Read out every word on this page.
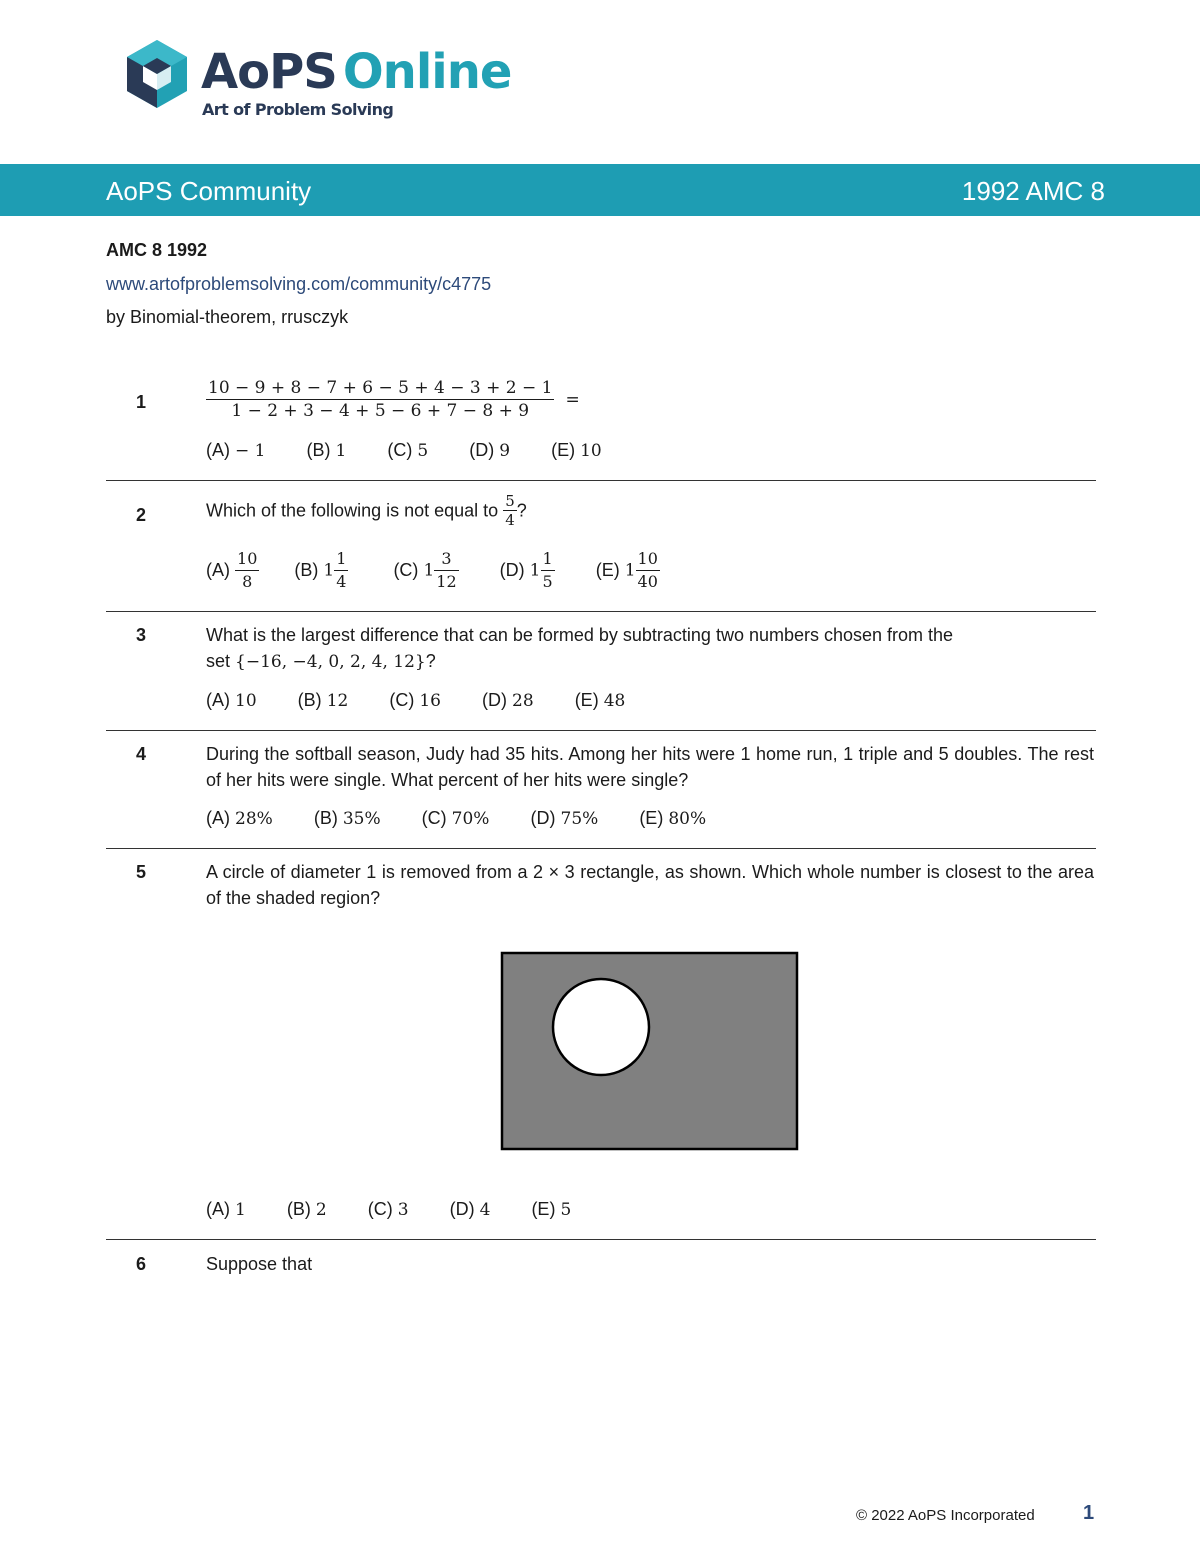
AoPS Online
Art of Problem Solving
AoPS Community	1992 AMC 8
AMC 8 1992
www.artofproblemsolving.com/community/c4775
by Binomial-theorem, rrusczyk
1	$\frac{10 - 9 + 8 - 7 + 6 - 5 + 4 - 3 + 2 - 1}{1 - 2 + 3 - 4 + 5 - 6 + 7 - 8 + 9}$ =
(A) − 1 (B) 1 (C) 5 (D) 9 (E) 10
2	Which of the following is not equal to $\frac{5}{4}$ ?
$(A) \frac{10}{8} (B)$ $1 \frac{1}{4}$	(C) $1 \frac{3}{12} (D)$ $1 \frac{1}{5} (E)$ $1 \frac{10}{40}$
3	What is the largest difference that can be formed by subtracting two numbers chosen from the
set {−16, −4, 0, 2, 4, 12}?
(A) 10 (B) 12 (C) 16 (D) 28 (E) 48
4	During the softball season, Judy had 35 hits. Among her hits were 1 home run, 1 triple and 5 doubles. The rest of her hits were single. What percent of her hits were single?
(A) 28% (B) 35% (C) 70% (D) 75% (E) 80%
5	A circle of diameter 1 is removed from a 2 × 3 rectangle, as shown. Which whole number is closest to the area of the shaded region?
(A) 1 (B) 2 (C) 3 (D) 4 (E) 5
6	Suppose that
© 2022 AoPS Incorporated 1
